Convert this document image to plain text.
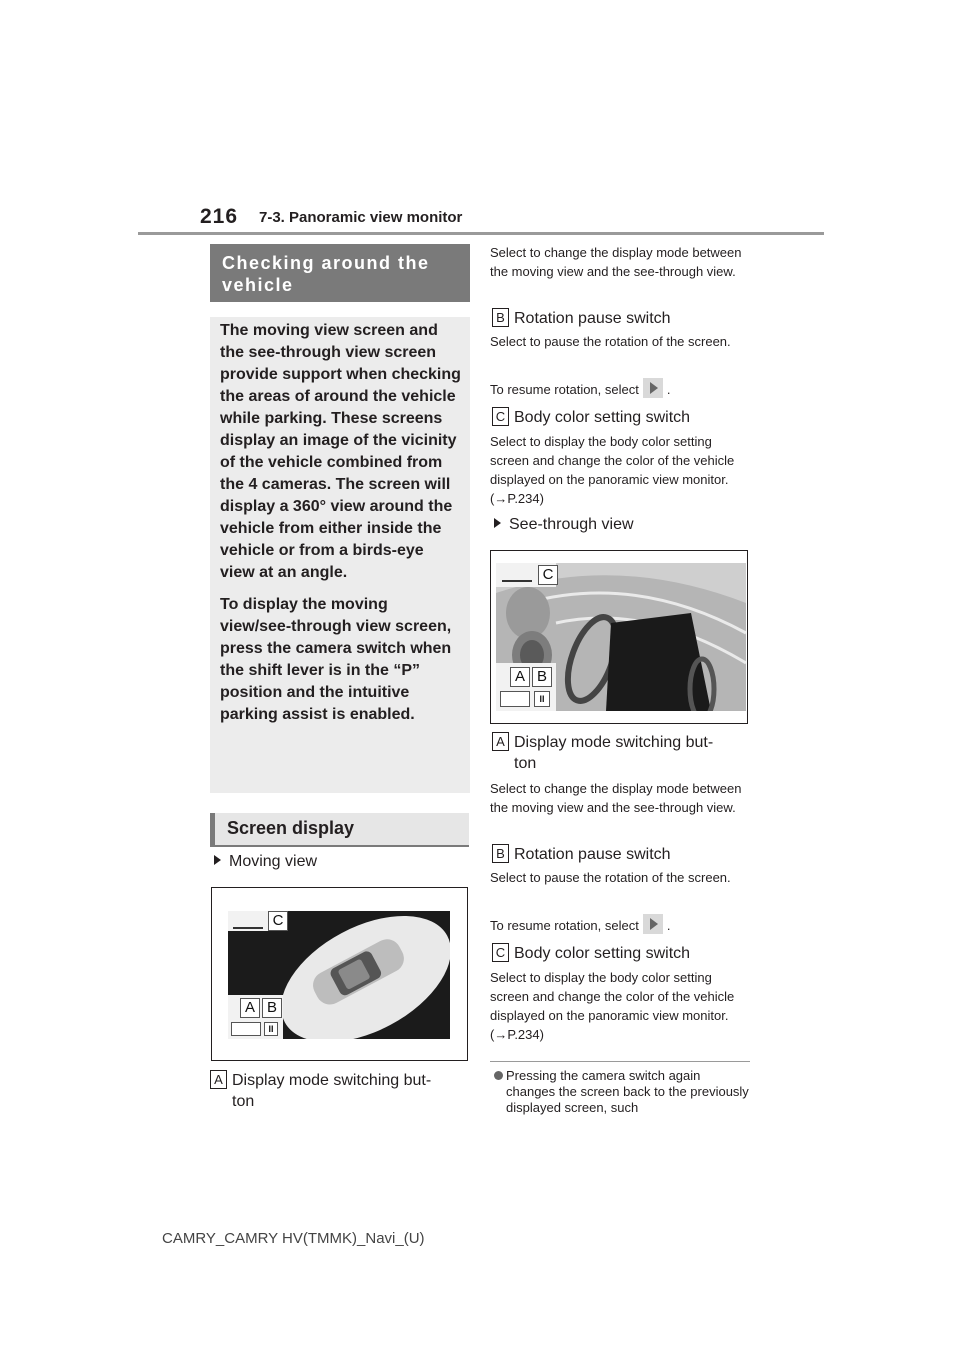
216 7-3. Panoramic view monitor
Checking around the
vehicle

The moving view screen and the see-through view screen provide support when checking the areas of around the vehicle while parking. These screens display an image of the vicinity of the vehicle combined from the 4 cameras. The screen will display a 360° view around the vehicle from either inside the vehicle or from a birds-eye view at an angle.

To display the moving view/see-through view screen, press the camera switch when the shift lever is in the “P” position and the intuitive parking assist is enabled.

Screen display
Moving view
C
A B
II
A Display mode switching but-
ton
Select to change the display mode between the moving view and the see-through view.
B Rotation pause switch
Select to pause the rotation of the screen.
To resume rotation, select .
C Body color setting switch
Select to display the body color setting screen and change the color of the vehicle displayed on the panoramic view monitor. (→P.234)
See-through view
C
A B
II
A Display mode switching but-
ton
Select to change the display mode between the moving view and the see-through view.
B Rotation pause switch
Select to pause the rotation of the screen.
To resume rotation, select .
C Body color setting switch
Select to display the body color setting screen and change the color of the vehicle displayed on the panoramic view monitor. (→P.234)
Pressing the camera switch again changes the screen back to the previously displayed screen, such
CAMRY_CAMRY HV(TMMK)_Navi_(U)
